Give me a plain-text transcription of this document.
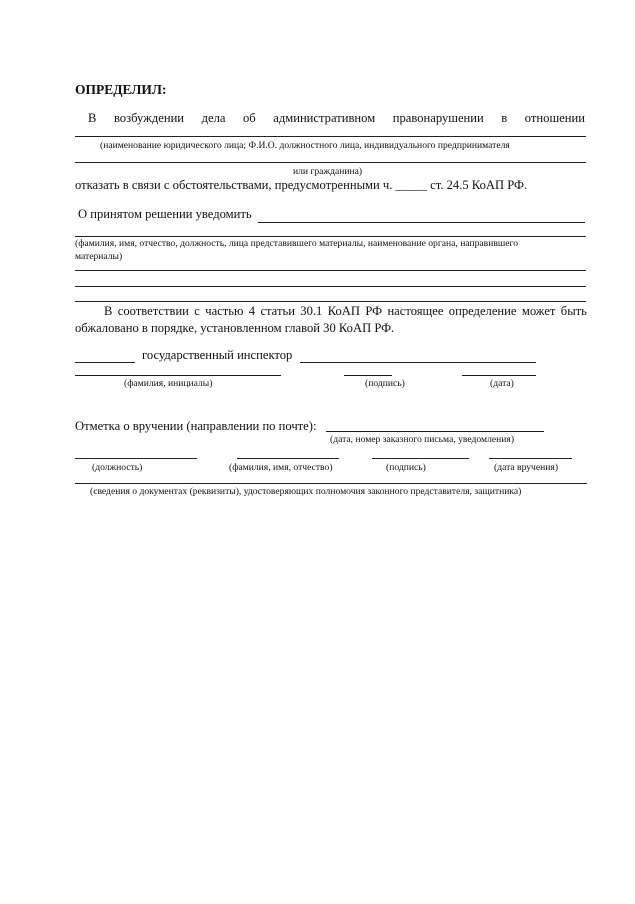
ОПРЕДЕЛИЛ:
В возбуждении дела об административном правонарушении в отношении
(наименование юридического лица; Ф.И.О. должностного лица, индивидуального предпринимателя
или гражданина)
отказать в связи с обстоятельствами, предусмотренными ч. _____ ст. 24.5 КоАП РФ.
О принятом решении уведомить
(фамилия, имя, отчество, должность, лица представившего материалы, наименование органа, направившего
материалы)
В соответствии с частью 4 статьи 30.1 КоАП РФ настоящее определение может быть
обжаловано в порядке, установленном главой 30 КоАП РФ.
государственный инспектор
(фамилия, инициалы)	(подпись)	(дата)
Отметка о вручении (направлении по почте):
(дата, номер заказного письма, уведомления)
(должность)	(фамилия, имя, отчество)	(подпись)	(дата вручения)
(сведения о документах (реквизиты), удостоверяющих полномочия законного представителя, защитника)
